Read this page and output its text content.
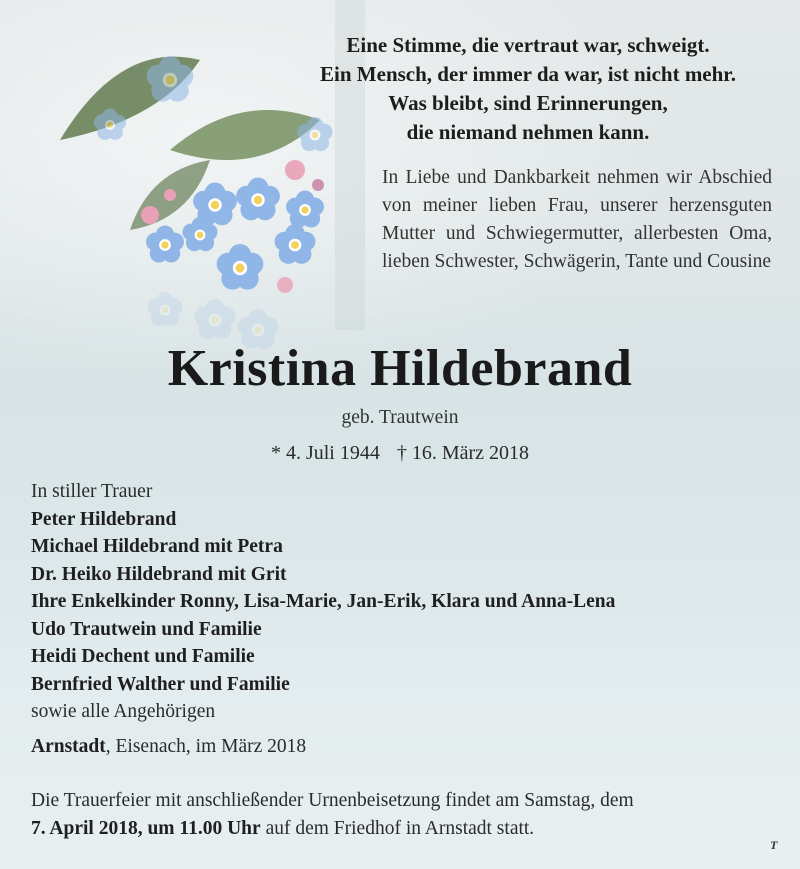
Eine Stimme, die vertraut war, schweigt.
Ein Mensch, der immer da war, ist nicht mehr.
Was bleibt, sind Erinnerungen,
die niemand nehmen kann.
In Liebe und Dankbarkeit nehmen wir Abschied von meiner lieben Frau, unserer herzensguten Mutter und Schwiegermutter, allerbesten Oma, lieben Schwester, Schwägerin, Tante und Cousine
Kristina Hildebrand
geb. Trautwein
* 4. Juli 1944 † 16. März 2018
In stiller Trauer
Peter Hildebrand
Michael Hildebrand mit Petra
Dr. Heiko Hildebrand mit Grit
Ihre Enkelkinder Ronny, Lisa-Marie, Jan-Erik, Klara und Anna-Lena
Udo Trautwein und Familie
Heidi Dechent und Familie
Bernfried Walther und Familie
sowie alle Angehörigen
Arnstadt, Eisenach, im März 2018
Die Trauerfeier mit anschließender Urnenbeisetzung findet am Samstag, dem
7. April 2018, um 11.00 Uhr auf dem Friedhof in Arnstadt statt.
T
